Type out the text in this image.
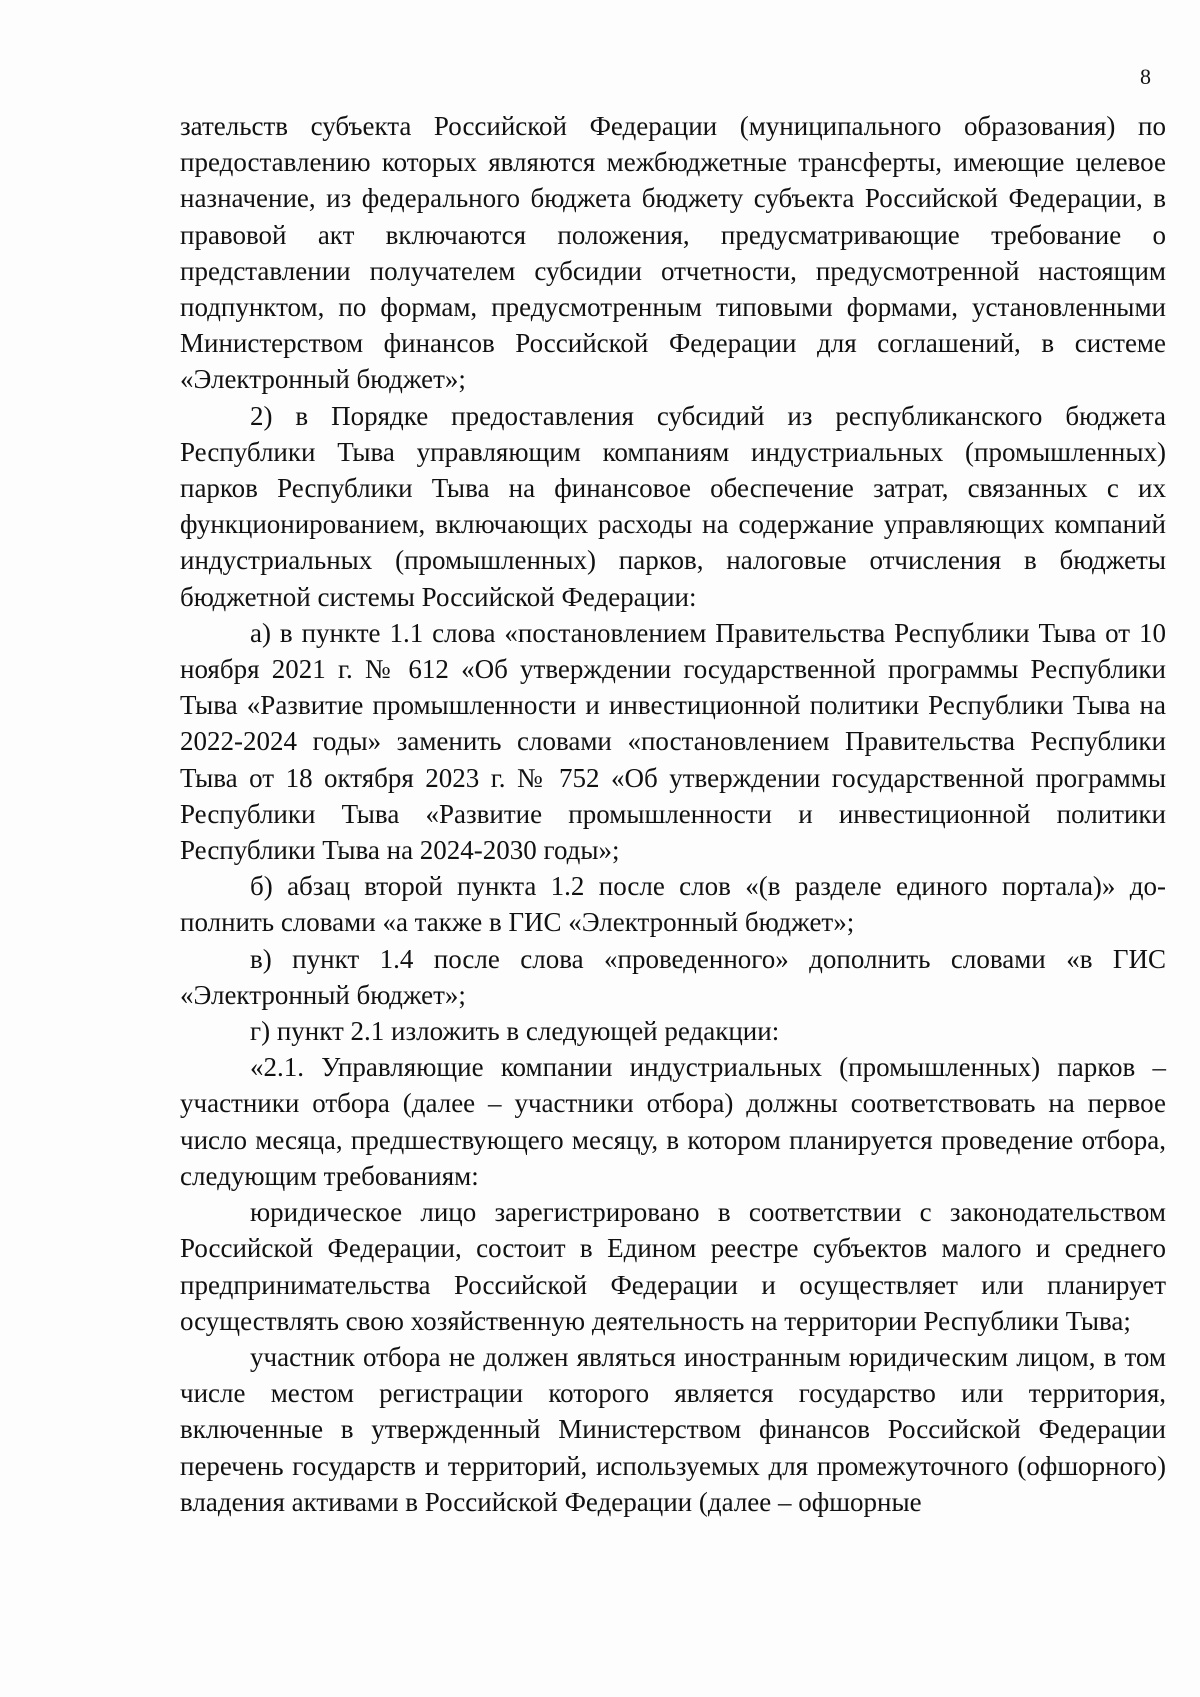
8

зательств субъекта Российской Федерации (муниципального образования) по предоставлению которых являются межбюджетные трансферты, имеющие целевое назначение, из федерального бюджета бюджету субъекта Российской Федерации, в правовой акт включаются положения, предусматривающие требование о представлении получателем субсидии отчетности, предусмотренной настоящим подпунктом, по формам, предусмотренным типовыми формами, установленными Министерством финансов Российской Федерации для соглашений, в системе «Электронный бюджет»;

2) в Порядке предоставления субсидий из республиканского бюджета Республики Тыва управляющим компаниям индустриальных (промышленных) парков Республики Тыва на финансовое обеспечение затрат, связанных с их функционированием, включающих расходы на содержание управляющих компаний индустриальных (промышленных) парков, налоговые отчисления в бюджеты бюджетной системы Российской Федерации:

а) в пункте 1.1 слова «постановлением Правительства Республики Тыва от 10 ноября 2021 г. № 612 «Об утверждении государственной программы Республики Тыва «Развитие промышленности и инвестиционной политики Республики Тыва на 2022-2024 годы» заменить словами «постановлением Правительства Республики Тыва от 18 октября 2023 г. № 752 «Об утверждении государственной программы Республики Тыва «Развитие промышленности и инвестиционной политики Республики Тыва на 2024-2030 годы»;

б) абзац второй пункта 1.2 после слов «(в разделе единого портала)» дополнить словами «а также в ГИС «Электронный бюджет»;

в) пункт 1.4 после слова «проведенного» дополнить словами «в ГИС «Электронный бюджет»;

г) пункт 2.1 изложить в следующей редакции:

«2.1. Управляющие компании индустриальных (промышленных) парков – участники отбора (далее – участники отбора) должны соответствовать на первое число месяца, предшествующего месяцу, в котором планируется проведение отбора, следующим требованиям:

юридическое лицо зарегистрировано в соответствии с законодательством Российской Федерации, состоит в Едином реестре субъектов малого и среднего предпринимательства Российской Федерации и осуществляет или планирует осуществлять свою хозяйственную деятельность на территории Республики Тыва;

участник отбора не должен являться иностранным юридическим лицом, в том числе местом регистрации которого является государство или территория, включенные в утвержденный Министерством финансов Российской Федерации перечень государств и территорий, используемых для промежуточного (офшорного) владения активами в Российской Федерации (далее – офшорные
